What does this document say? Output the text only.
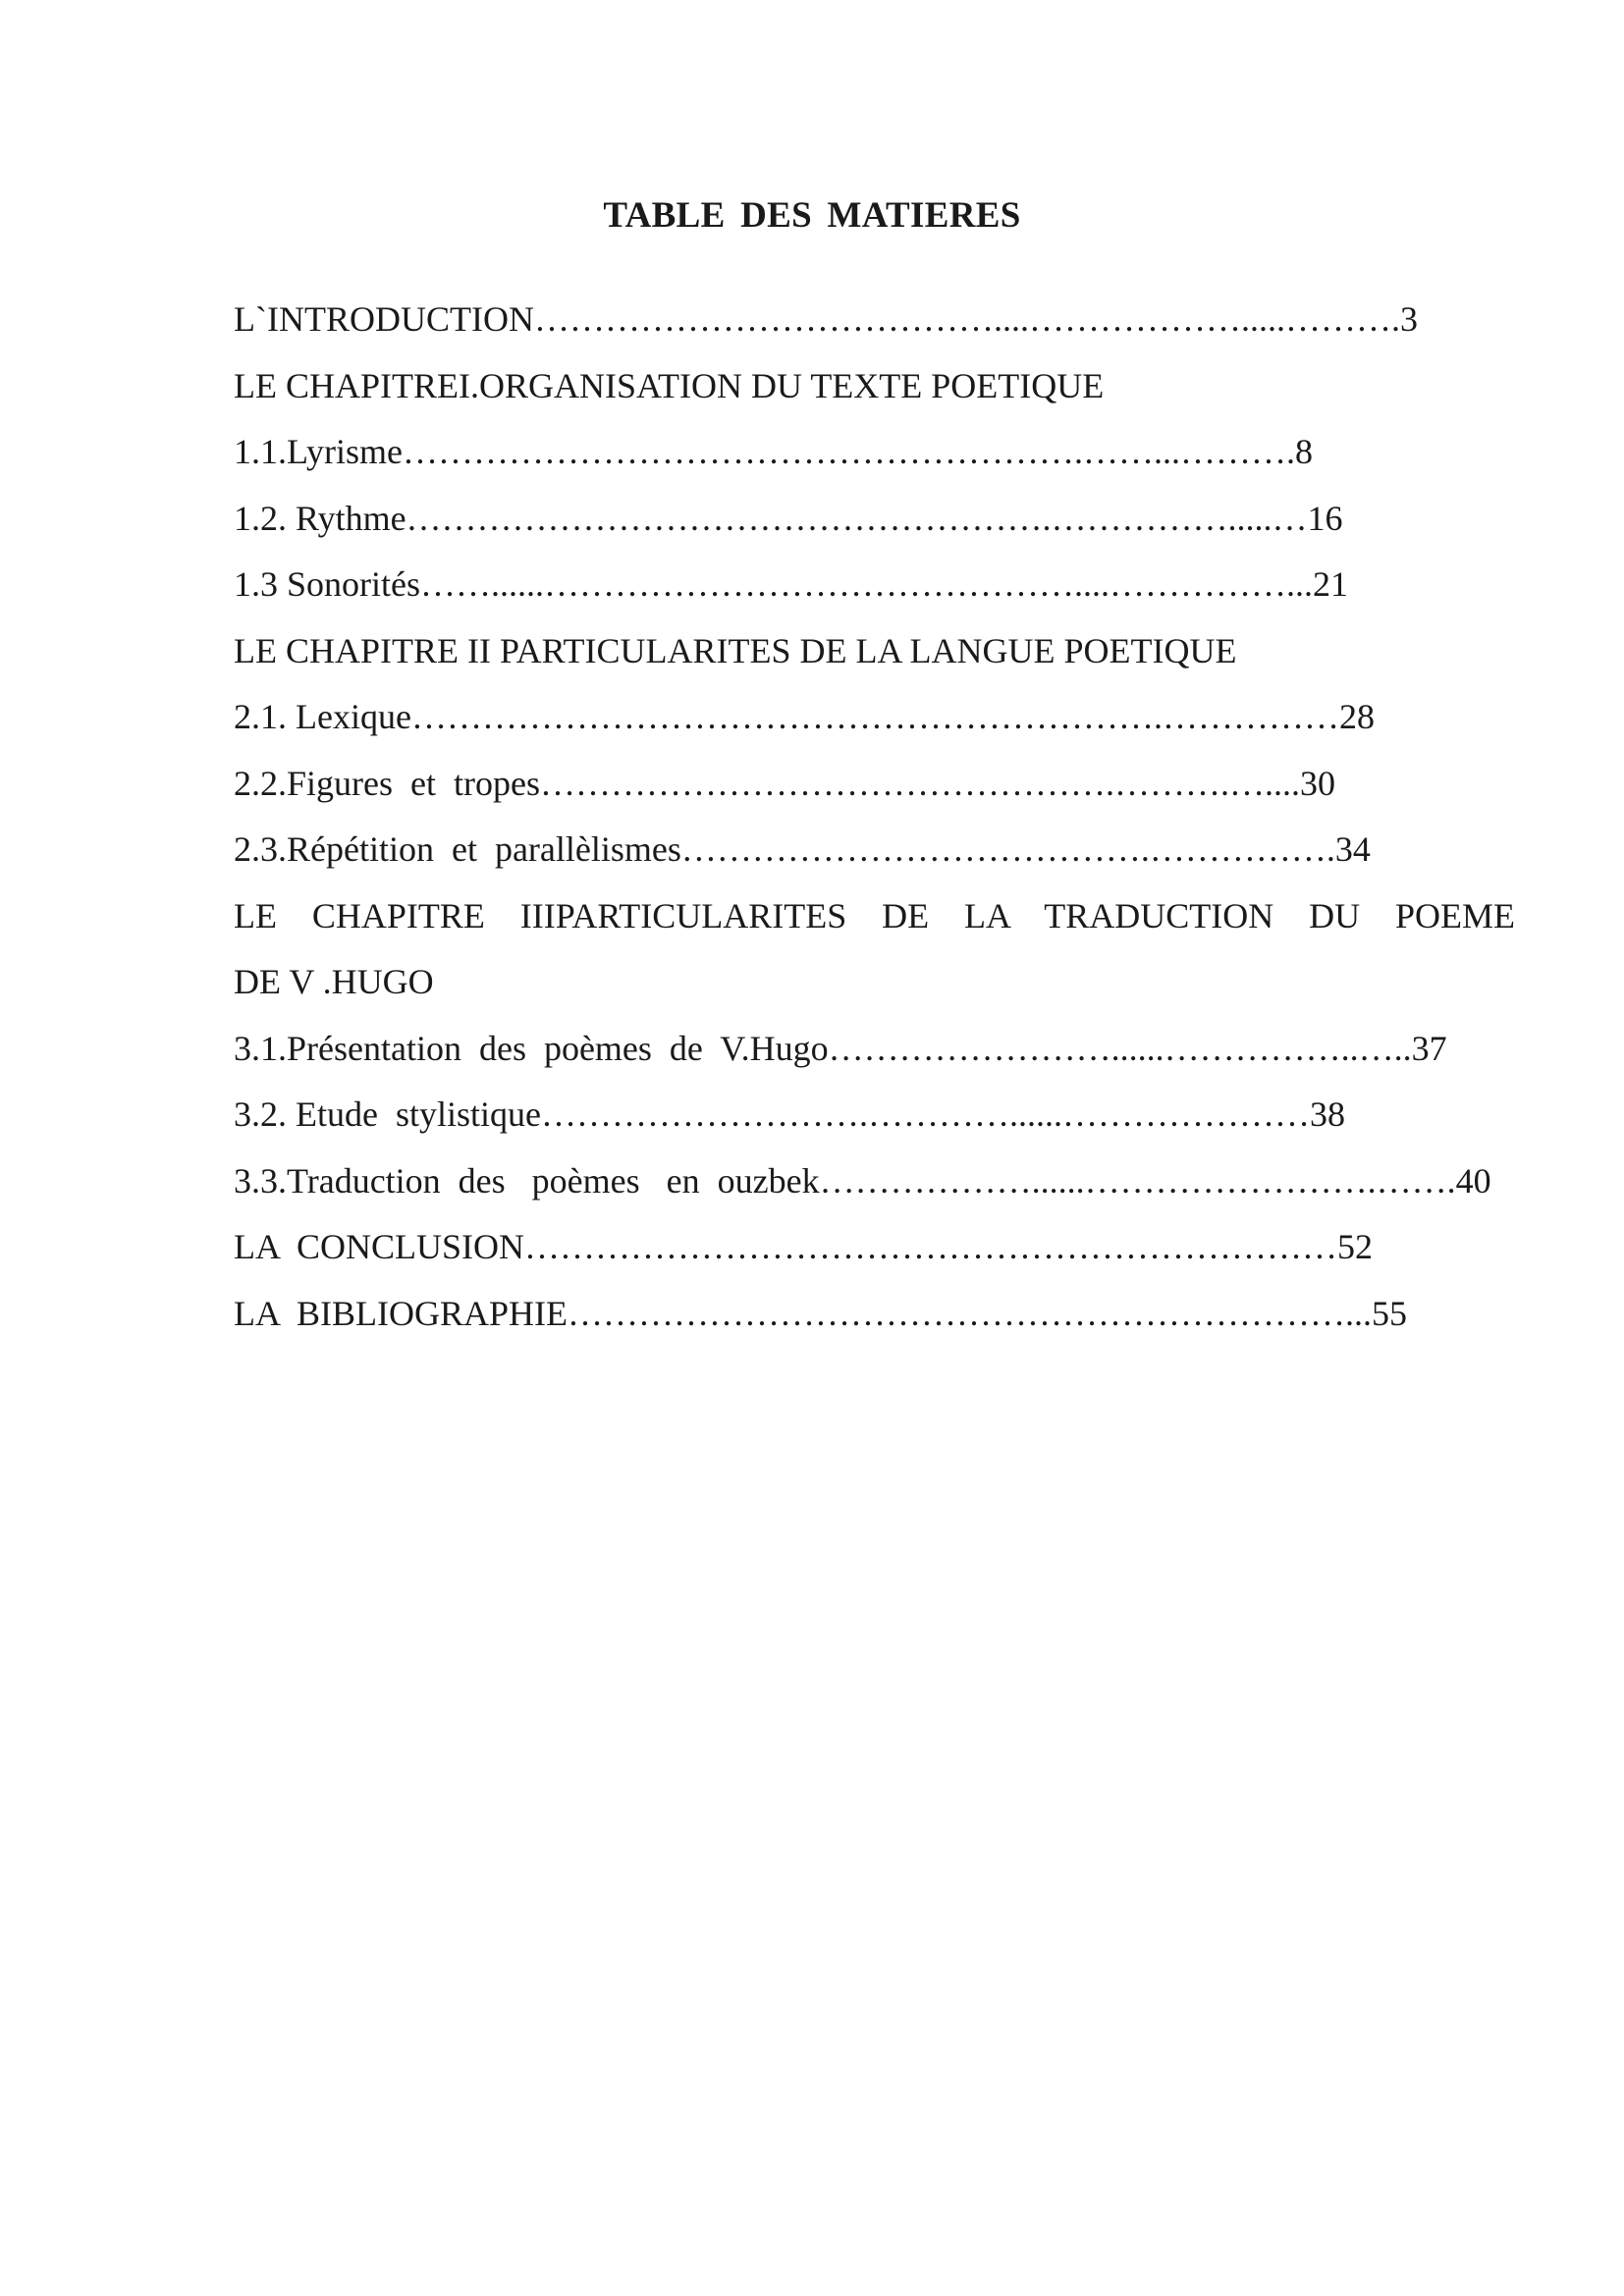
TABLE DES MATIERES
L`INTRODUCTION…………………………………....……………….....……….3
LE CHAPITREI.ORGANISATION DU TEXTE POETIQUE
1.1.Lyrisme………………………………………………….……...……….8
1.2. Rythme……………………………………………….…………….....…16
1.3 Sonorités……......………………………………………....……………...21
LE CHAPITRE II PARTICULARITES DE LA LANGUE POETIQUE
2.1. Lexique……………………………………………………….……………28
2.2.Figures  et  tropes………………………………………….……….…....30
2.3.Répétition  et  parallèlismes………………………………….…………….34
LE CHAPITRE IIIPARTICULARITES DE LA TRADUCTION DU POEME
DE V .HUGO
3.1.Présentation  des  poèmes  de  V.Hugo……………………......……………..…..37
3.2. Etude  stylistique……………………….…………......…………………38
3.3.Traduction  des   poèmes   en  ouzbek………………......…………………….…….40
LA  CONCLUSION……………………………………………………………52
LA  BIBLIOGRAPHIE…………………………………………………………...55
